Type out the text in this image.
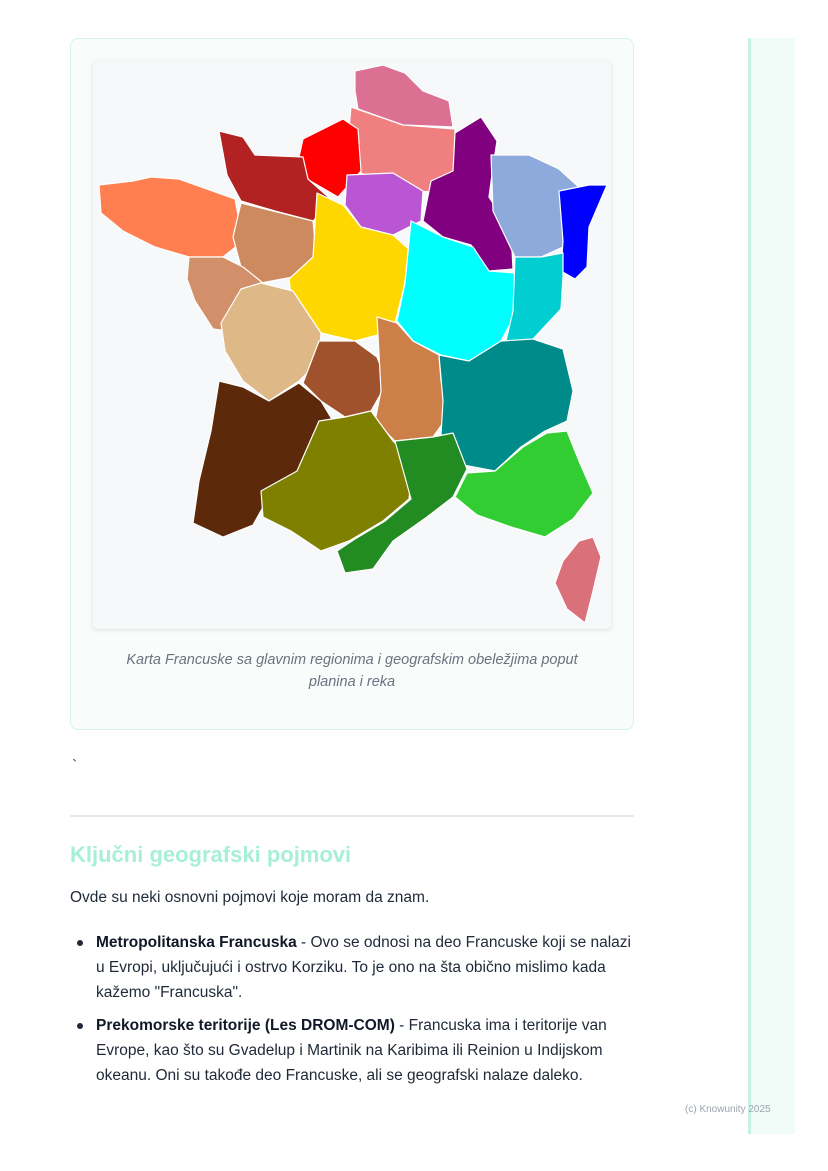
Karta Francuske sa glavnim regionima i geografskim obeležjima poput planina i reka
`
Ključni geografski pojmovi
Ovde su neki osnovni pojmovi koje moram da znam.
Metropolitanska Francuska - Ovo se odnosi na deo Francuske koji se nalazi u Evropi, uključujući i ostrvo Korziku. To je ono na šta obično mislimo kada kažemo "Francuska".
Prekomorske teritorije (Les DROM-COM) - Francuska ima i teritorije van Evrope, kao što su Gvadelup i Martinik na Karibima ili Reinion u Indijskom okeanu. Oni su takođe deo Francuske, ali se geografski nalaze daleko.
(c) Knowunity 2025
